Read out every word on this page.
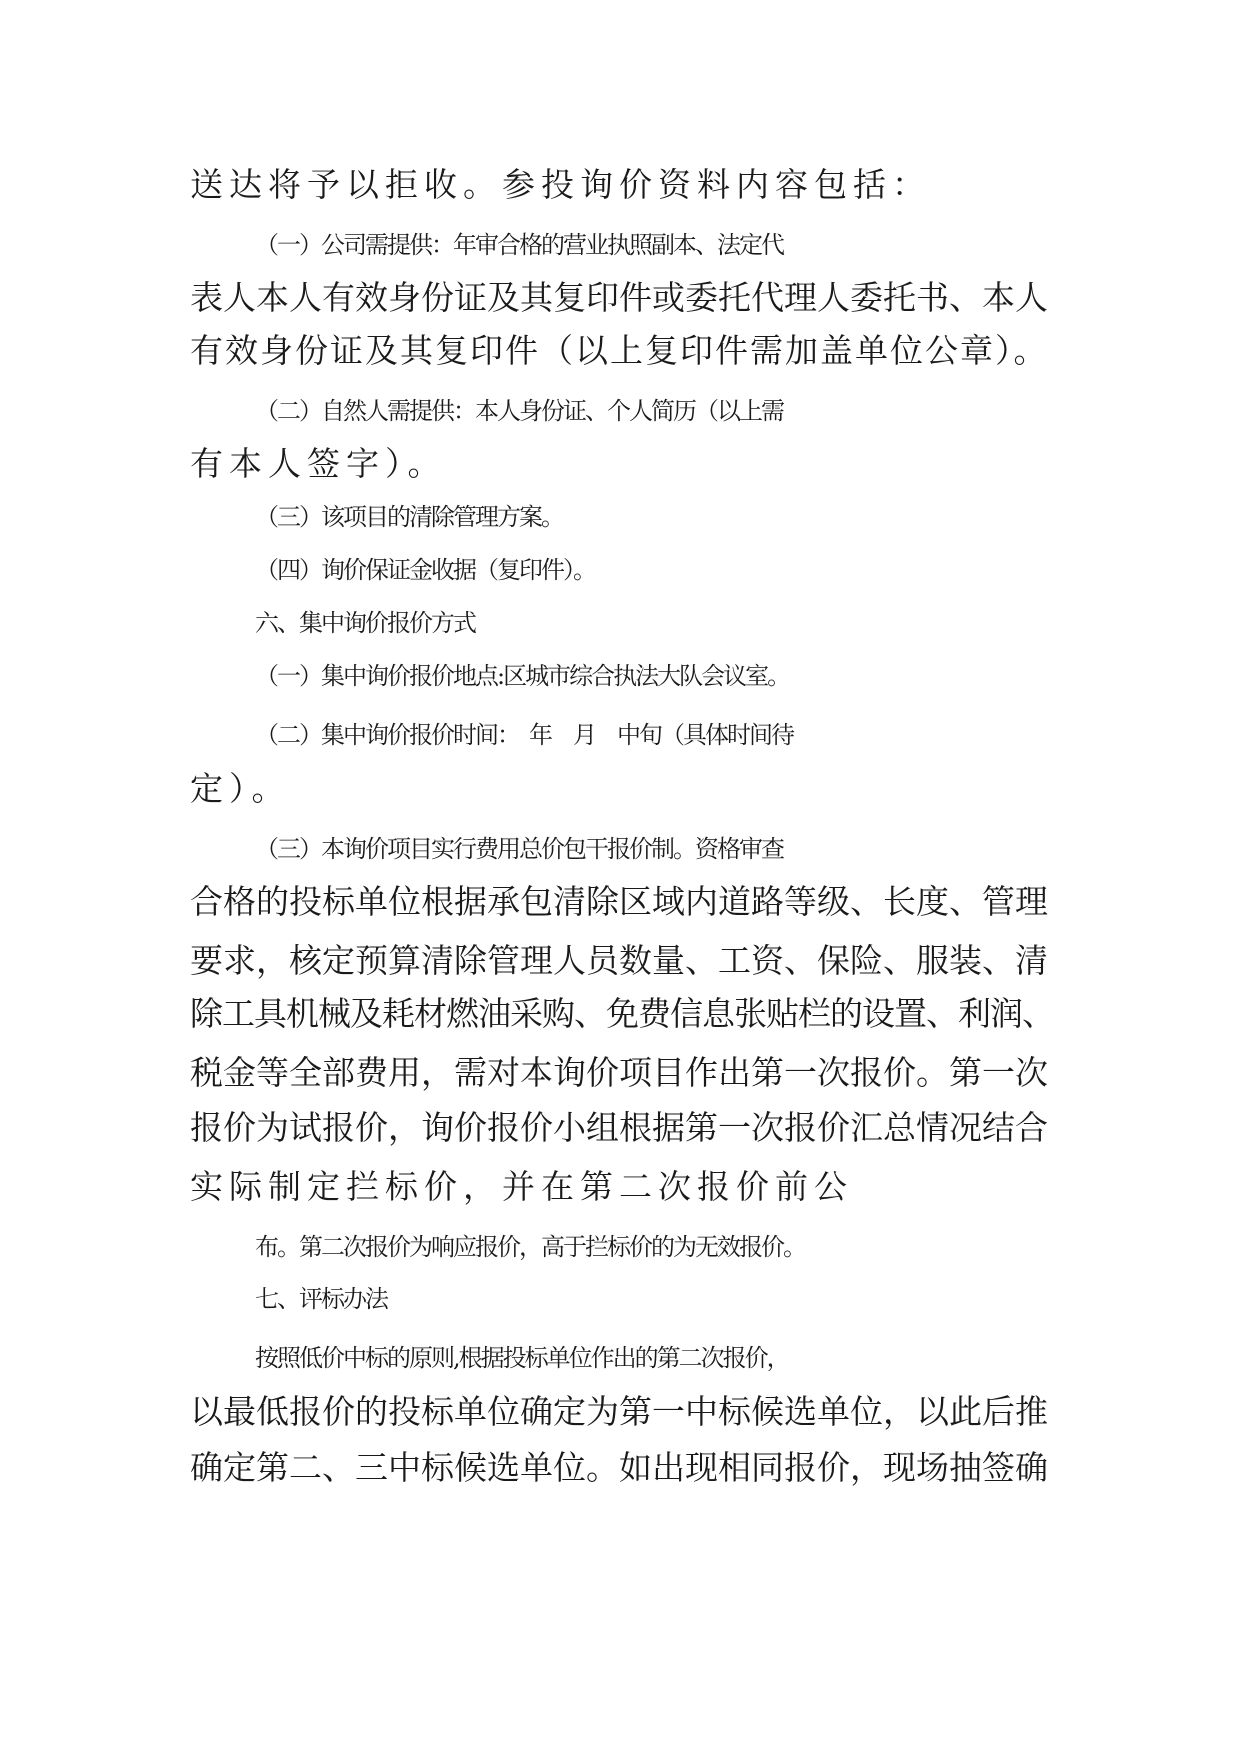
送达将予以拒收。参投询价资料内容包括：
（一）公司需提供：年审合格的营业执照副本、法定代
表人本人有效身份证及其复印件或委托代理人委托书、本人
有效身份证及其复印件（以上复印件需加盖单位公章）。
（二）自然人需提供：本人身份证、个人简历（以上需
有本人签字）。
（三）该项目的清除管理方案。
（四）询价保证金收据（复印件）。
六、集中询价报价方式
（一）集中询价报价地点:区城市综合执法大队会议室。
（二）集中询价报价时间：　年　月　中旬（具体时间待
定）。
（三）本询价项目实行费用总价包干报价制。资格审查
合格的投标单位根据承包清除区域内道路等级、长度、管理
要求，核定预算清除管理人员数量、工资、保险、服装、清
除工具机械及耗材燃油采购、免费信息张贴栏的设置、利润、
税金等全部费用，需对本询价项目作出第一次报价。第一次
报价为试报价，询价报价小组根据第一次报价汇总情况结合
实际制定拦标价，并在第二次报价前公
布。第二次报价为响应报价，高于拦标价的为无效报价。
七、评标办法
按照低价中标的原则,根据投标单位作出的第二次报价，
以最低报价的投标单位确定为第一中标候选单位，以此后推
确定第二、三中标候选单位。如出现相同报价，现场抽签确
